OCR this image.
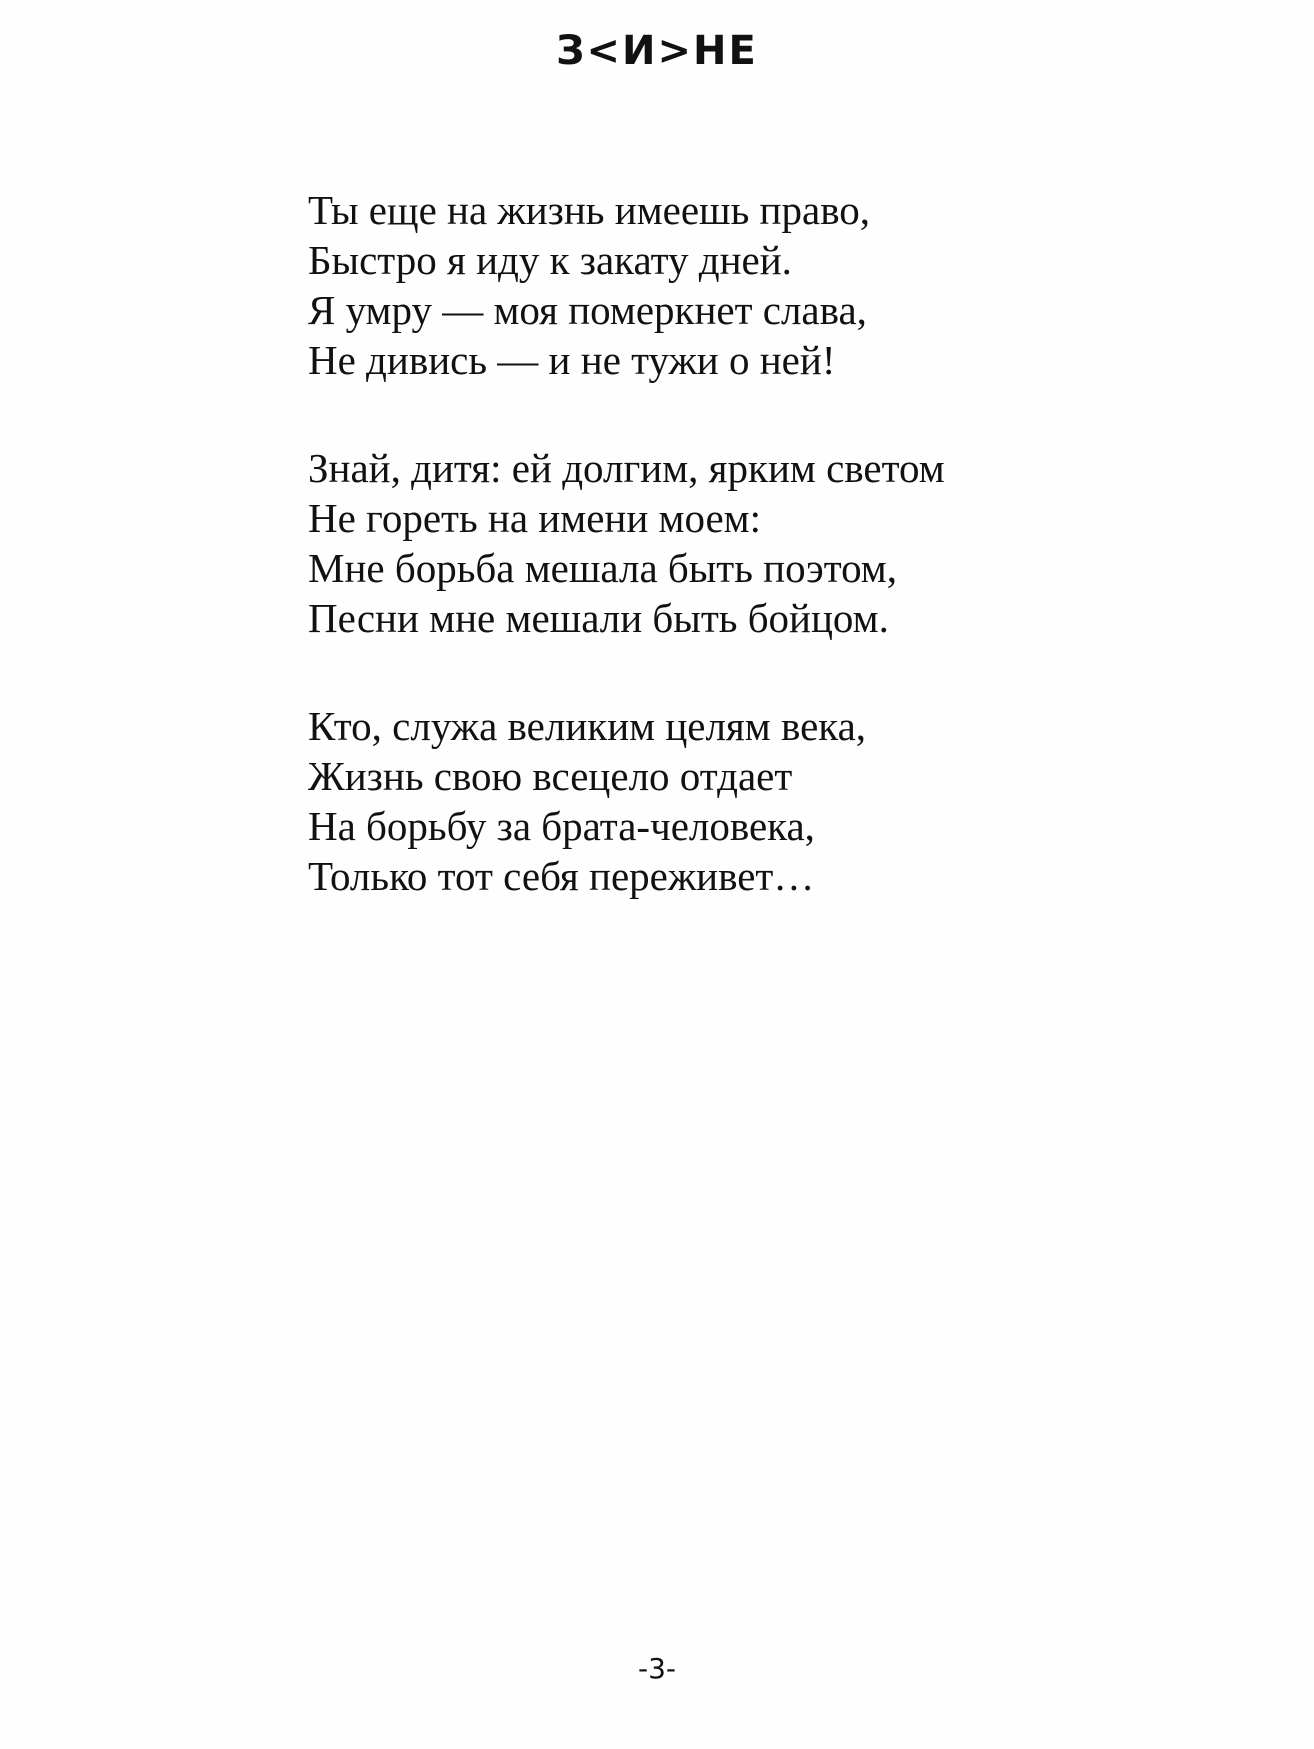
З<И>НЕ
Ты еще на жизнь имеешь право,
Быстро я иду к закату дней.
Я умру — моя померкнет слава,
Не дивись — и не тужи о ней!
Знай, дитя: ей долгим, ярким светом
Не гореть на имени моем:
Мне борьба мешала быть поэтом,
Песни мне мешали быть бойцом.
Кто, служа великим целям века,
Жизнь свою всецело отдает
На борьбу за брата-человека,
Только тот себя переживет…
-3-
